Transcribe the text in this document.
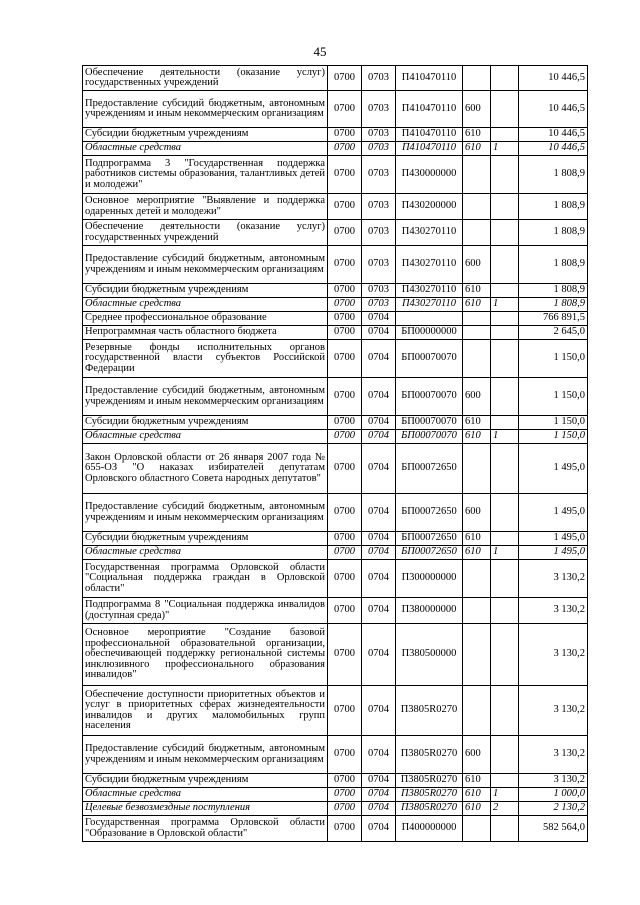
45
Обеспечение деятельности (оказание услуг) государственных учреждений	0700	0703	П410470110			10 446,5
Предоставление субсидий бюджетным, автономным учреждениям и иным некоммерческим организациям	0700	0703	П410470110	600		10 446,5
Субсидии бюджетным учреждениям	0700	0703	П410470110	610		10 446,5
Областные средства	0700	0703	П410470110	610	1	10 446,5
Подпрограмма 3 "Государственная поддержка работников системы образования, талантливых детей и молодежи"	0700	0703	П430000000			1 808,9
Основное мероприятие "Выявление и поддержка одаренных детей и молодежи"	0700	0703	П430200000			1 808,9
Обеспечение деятельности (оказание услуг) государственных учреждений	0700	0703	П430270110			1 808,9
Предоставление субсидий бюджетным, автономным учреждениям и иным некоммерческим организациям	0700	0703	П430270110	600		1 808,9
Субсидии бюджетным учреждениям	0700	0703	П430270110	610		1 808,9
Областные средства	0700	0703	П430270110	610	1	1 808,9
Среднее профессиональное образование	0700	0704				766 891,5
Непрограммная часть областного бюджета	0700	0704	БП00000000			2 645,0
Резервные фонды исполнительных органов государственной власти субъектов Российской Федерации	0700	0704	БП00070070			1 150,0
Предоставление субсидий бюджетным, автономным учреждениям и иным некоммерческим организациям	0700	0704	БП00070070	600		1 150,0
Субсидии бюджетным учреждениям	0700	0704	БП00070070	610		1 150,0
Областные средства	0700	0704	БП00070070	610	1	1 150,0
Закон Орловской области от 26 января 2007 года № 655-ОЗ "О наказах избирателей депутатам Орловского областного Совета народных депутатов"	0700	0704	БП00072650			1 495,0
Предоставление субсидий бюджетным, автономным учреждениям и иным некоммерческим организациям	0700	0704	БП00072650	600		1 495,0
Субсидии бюджетным учреждениям	0700	0704	БП00072650	610		1 495,0
Областные средства	0700	0704	БП00072650	610	1	1 495,0
Государственная программа Орловской области "Социальная поддержка граждан в Орловской области"	0700	0704	П300000000			3 130,2
Подпрограмма 8 "Социальная поддержка инвалидов (доступная среда)"	0700	0704	П380000000			3 130,2
Основное мероприятие "Создание базовой профессиональной образовательной организации, обеспечивающей поддержку региональной системы инклюзивного профессионального образования инвалидов"	0700	0704	П380500000			3 130,2
Обеспечение доступности приоритетных объектов и услуг в приоритетных сферах жизнедеятельности инвалидов и других маломобильных групп населения	0700	0704	П3805R0270			3 130,2
Предоставление субсидий бюджетным, автономным учреждениям и иным некоммерческим организациям	0700	0704	П3805R0270	600		3 130,2
Субсидии бюджетным учреждениям	0700	0704	П3805R0270	610		3 130,2
Областные средства	0700	0704	П3805R0270	610	1	1 000,0
Целевые безвозмездные поступления	0700	0704	П3805R0270	610	2	2 130,2
Государственная программа Орловской области "Образование в Орловской области"	0700	0704	П400000000			582 564,0
